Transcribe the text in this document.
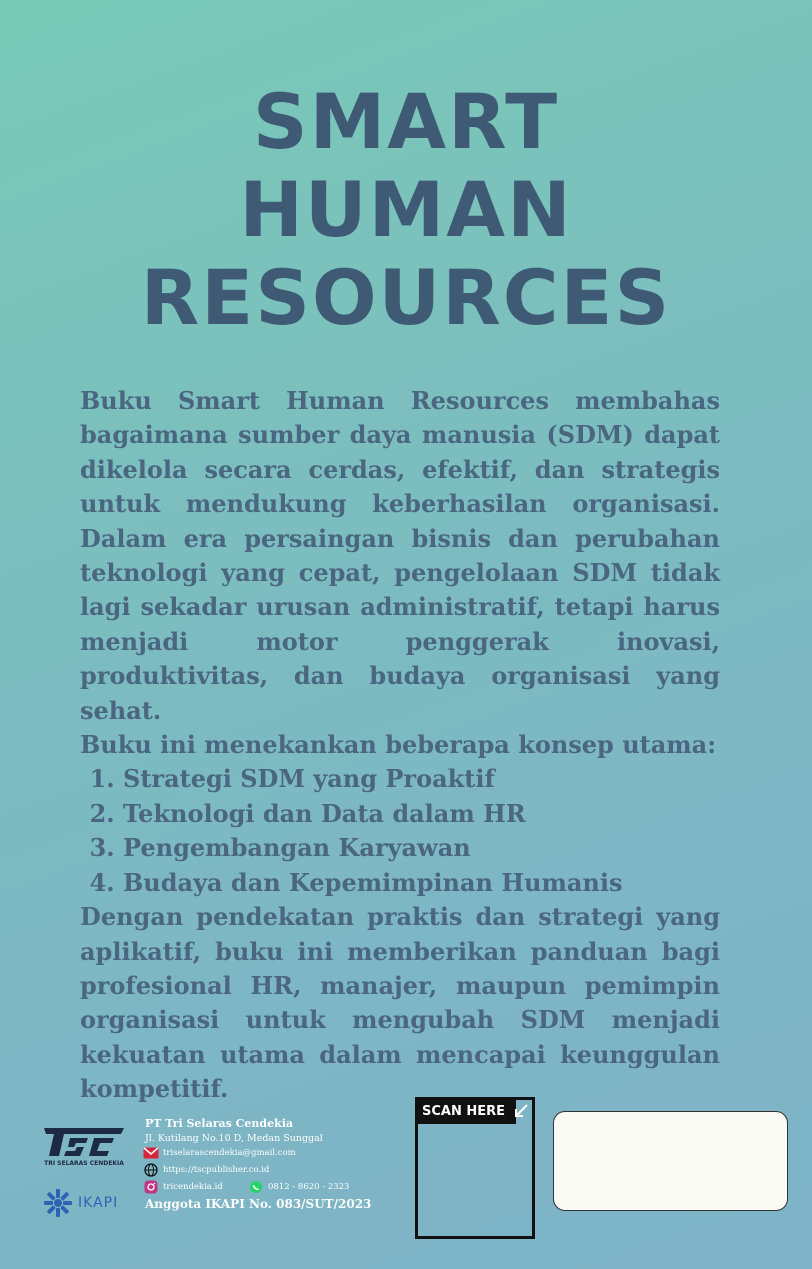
SMART
HUMAN
RESOURCES

Buku Smart Human Resources membahas bagaimana sumber daya manusia (SDM) dapat dikelola secara cerdas, efektif, dan strategis untuk mendukung keberhasilan organisasi. Dalam era persaingan bisnis dan perubahan teknologi yang cepat, pengelolaan SDM tidak lagi sekadar urusan administratif, tetapi harus menjadi motor penggerak inovasi, produktivitas, dan budaya organisasi yang sehat.

Buku ini menekankan beberapa konsep utama:

1. Strategi SDM yang Proaktif
2. Teknologi dan Data dalam HR
3. Pengembangan Karyawan
4. Budaya dan Kepemimpinan Humanis

Dengan pendekatan praktis dan strategi yang aplikatif, buku ini memberikan panduan bagi profesional HR, manajer, maupun pemimpin organisasi untuk mengubah SDM menjadi kekuatan utama dalam mencapai keunggulan kompetitif.

TRI SELARAS CENDEKIA
IKAPI
PT Tri Selaras Cendekia
Jl. Kutilang No.10 D, Medan Sunggal
triselarascendekia@gmail.com
https://tscpublisher.co.id
tricendekia.id	0812 - 8620 - 2323
Anggota IKAPI No. 083/SUT/2023
SCAN HERE
